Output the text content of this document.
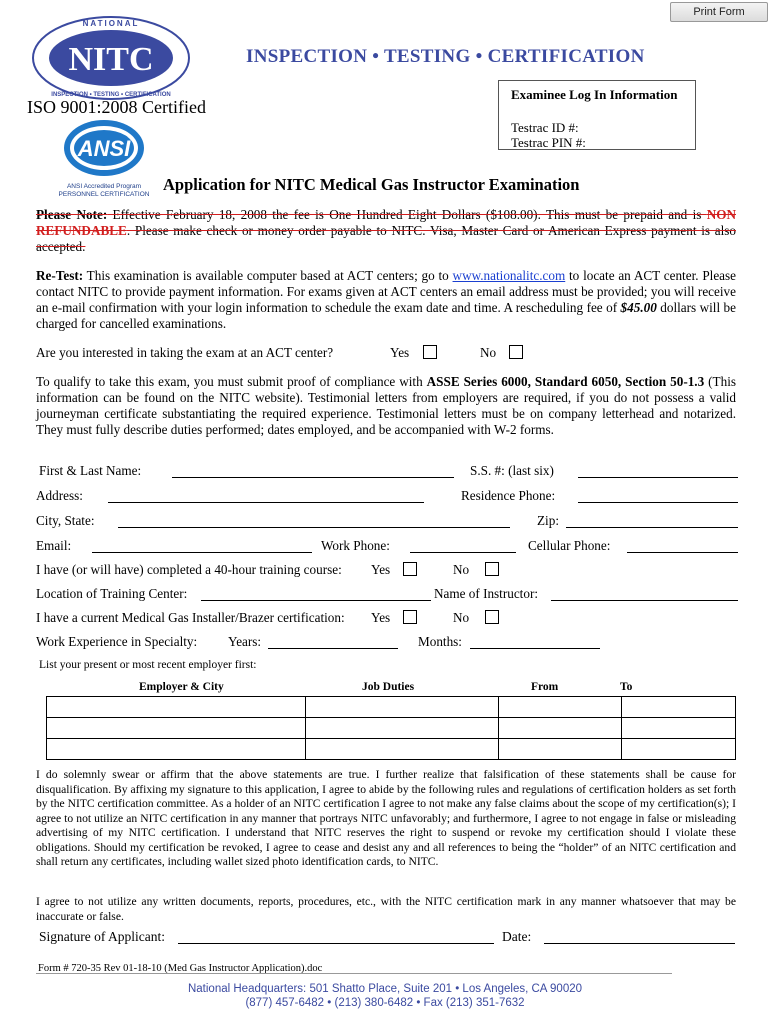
Print Form
NATIONAL
NITC
INSPECTION • TESTING • CERTIFICATION
INSPECTION • TESTING • CERTIFICATION
ISO 9001:2008 Certified
ANSI
ANSI Accredited Program
PERSONNEL CERTIFICATION
Examinee Log In Information
Testrac ID #:
Testrac PIN #:
Application for NITC Medical Gas Instructor Examination
Please Note: Effective February 18, 2008 the fee is One Hundred Eight Dollars ($108.00). This must be prepaid and is NON REFUNDABLE. Please make check or money order payable to NITC. Visa, Master Card or American Express payment is also accepted.
Re-Test: This examination is available computer based at ACT centers; go to www.nationalitc.com to locate an ACT center. Please contact NITC to provide payment information. For exams given at ACT centers an email address must be provided; you will receive an e-mail confirmation with your login information to schedule the exam date and time. A rescheduling fee of $45.00 dollars will be charged for cancelled examinations.
Are you interested in taking the exam at an ACT center?	Yes	No
To qualify to take this exam, you must submit proof of compliance with ASSE Series 6000, Standard 6050, Section 50-1.3 (This information can be found on the NITC website). Testimonial letters from employers are required, if you do not possess a valid journeyman certificate substantiating the required experience. Testimonial letters must be on company letterhead and notarized. They must fully describe duties performed; dates employed, and be accompanied with W-2 forms.
First & Last Name:	S.S. #: (last six)
Address:	Residence Phone:
City, State:	Zip:
Email:	Work Phone:	Cellular Phone:
I have (or will have) completed a 40-hour training course: Yes	No
Location of Training Center:	Name of Instructor:
I have a current Medical Gas Installer/Brazer certification: Yes	No
Work Experience in Specialty: Years:	Months:
List your present or most recent employer first:
Employer & City	Job Duties	From	To

I do solemnly swear or affirm that the above statements are true. I further realize that falsification of these statements shall be cause for disqualification. By affixing my signature to this application, I agree to abide by the following rules and regulations of certification holders as set forth by the NITC certification committee. As a holder of an NITC certification I agree to not make any false claims about the scope of my certification(s); I agree to not utilize an NITC certification in any manner that portrays NITC unfavorably; and furthermore, I agree to not engage in false or misleading advertising of my NITC certification. I understand that NITC reserves the right to suspend or revoke my certification should I violate these obligations. Should my certification be revoked, I agree to cease and desist any and all references to being the “holder” of an NITC certification and shall return any certificates, including wallet sized photo identification cards, to NITC.
I agree to not utilize any written documents, reports, procedures, etc., with the NITC certification mark in any manner whatsoever that may be inaccurate or false.
Signature of Applicant:	Date:
Form # 720-35 Rev 01-18-10 (Med Gas Instructor Application).doc
National Headquarters: 501 Shatto Place, Suite 201 • Los Angeles, CA 90020
(877) 457-6482 • (213) 380-6482 • Fax (213) 351-7632
